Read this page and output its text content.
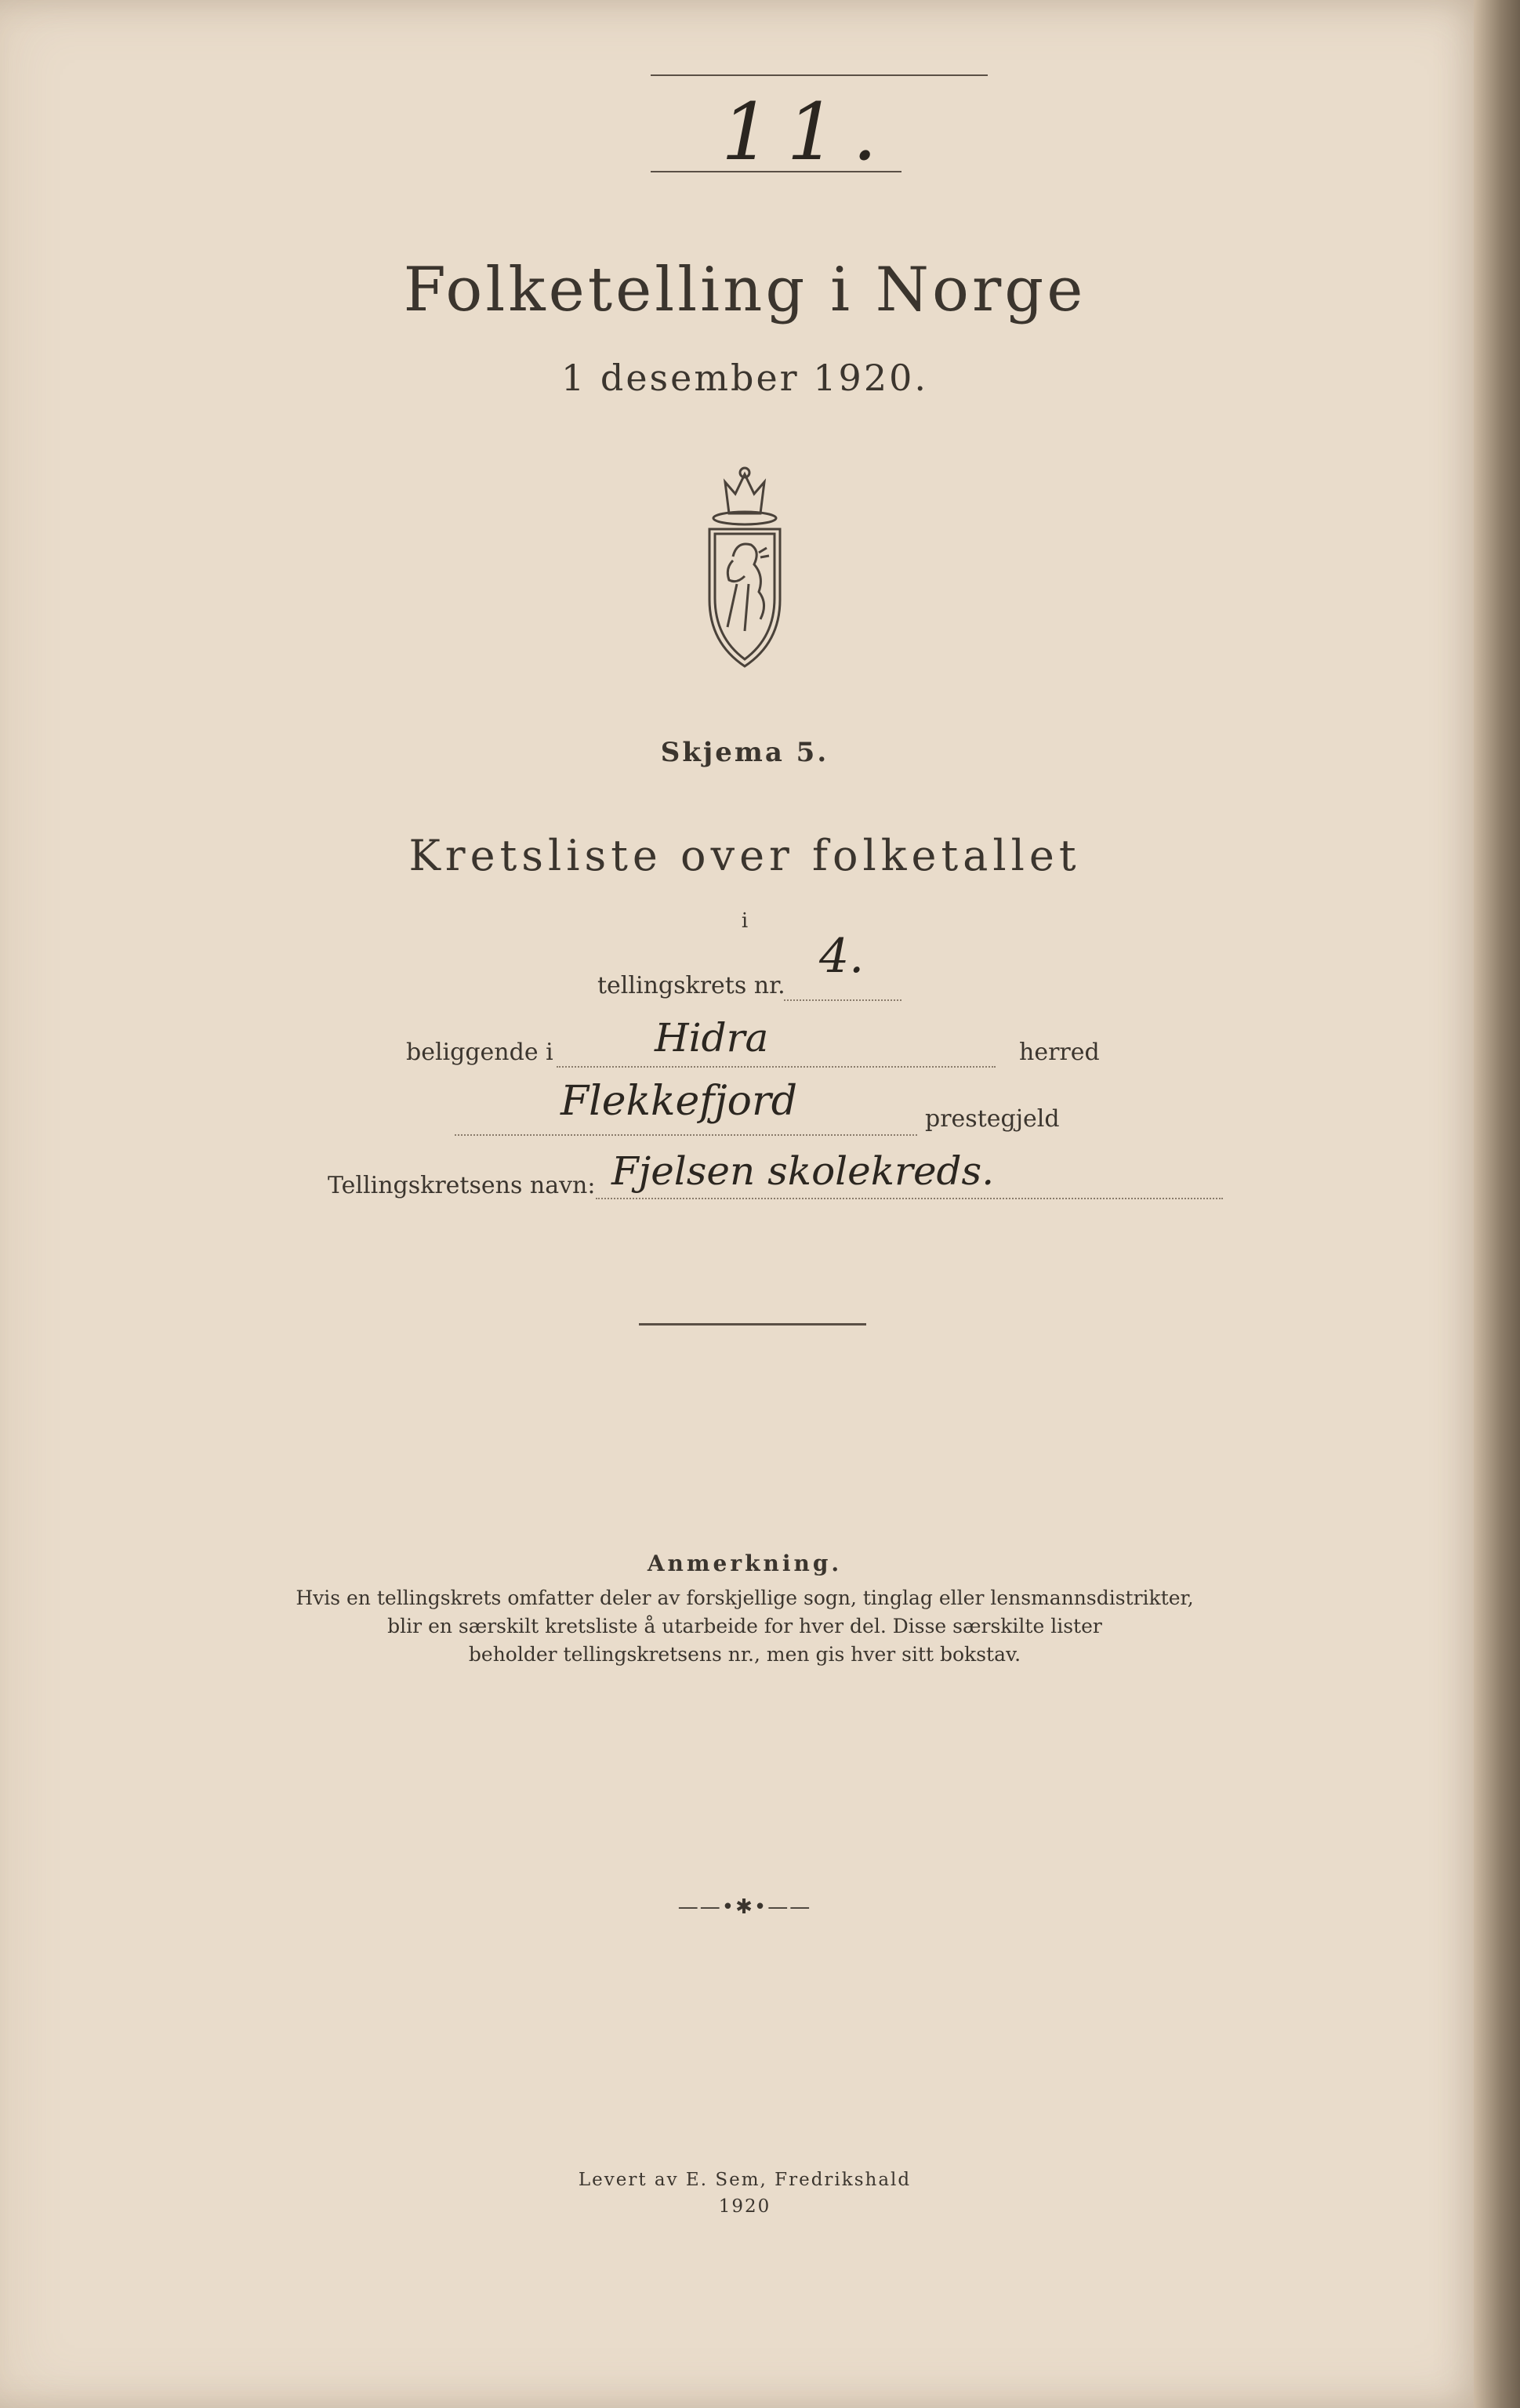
11.
Folketelling i Norge
1 desember 1920.
Skjema 5.
Kretsliste over folketallet
i
tellingskrets nr.
4.
beliggende i	Hidra	herred
Flekkefjord	prestegjeld
Tellingskretsens navn: Fjelsen skolekreds.
Anmerkning.
Hvis en tellingskrets omfatter deler av forskjellige sogn, tinglag eller lensmannsdistrikter,
blir en særskilt kretsliste å utarbeide for hver del. Disse særskilte lister
beholder tellingskretsens nr., men gis hver sitt bokstav.
——•✱•——
Levert av E. Sem, Fredrikshald
1920
